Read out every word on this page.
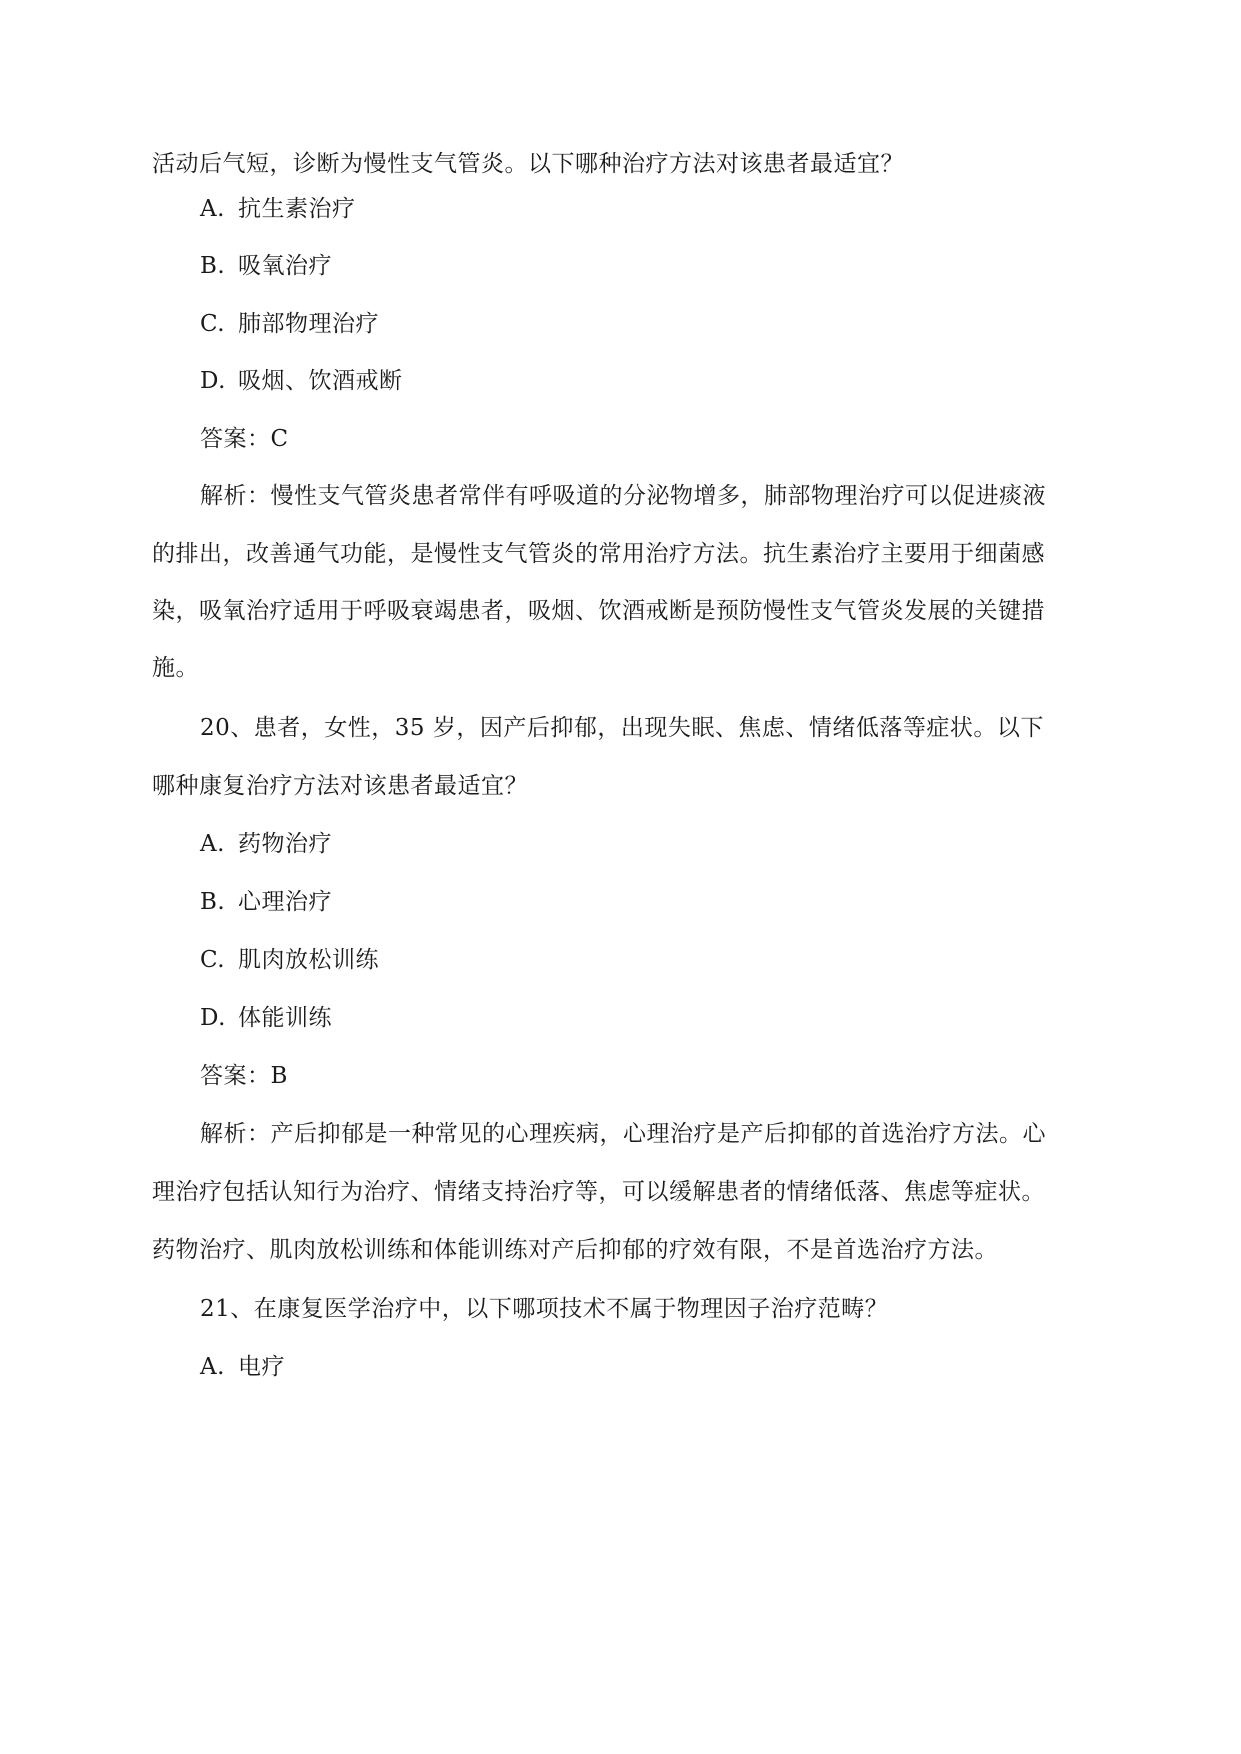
活动后气短，诊断为慢性支气管炎。以下哪种治疗方法对该患者最适宜？
A. 抗生素治疗
B. 吸氧治疗
C. 肺部物理治疗
D. 吸烟、饮酒戒断
答案：C
解析：慢性支气管炎患者常伴有呼吸道的分泌物增多，肺部物理治疗可以促进痰液
的排出，改善通气功能，是慢性支气管炎的常用治疗方法。抗生素治疗主要用于细菌感
染，吸氧治疗适用于呼吸衰竭患者，吸烟、饮酒戒断是预防慢性支气管炎发展的关键措
施。
20、患者，女性，35 岁，因产后抑郁，出现失眠、焦虑、情绪低落等症状。以下
哪种康复治疗方法对该患者最适宜？
A. 药物治疗
B. 心理治疗
C. 肌肉放松训练
D. 体能训练
答案：B
解析：产后抑郁是一种常见的心理疾病，心理治疗是产后抑郁的首选治疗方法。心
理治疗包括认知行为治疗、情绪支持治疗等，可以缓解患者的情绪低落、焦虑等症状。
药物治疗、肌肉放松训练和体能训练对产后抑郁的疗效有限，不是首选治疗方法。
21、在康复医学治疗中，以下哪项技术不属于物理因子治疗范畴？
A. 电疗
